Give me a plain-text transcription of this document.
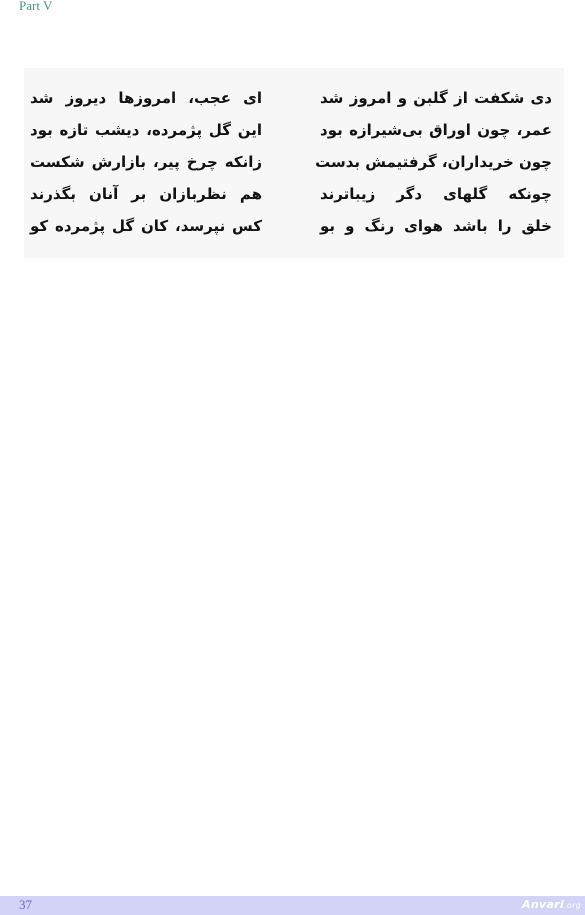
Part V
دی شکفت از گلبن و امروز شد
عمر، چون اوراق بی‌شیرازه بود
چون خریداران، گرفتیمش بدست
چونکه گلهای دگر زیباترند
خلق را باشد هوای رنگ و بو
ای عجب، امروزها دیروز شد
این گل پژمرده، دیشب تازه بود
زانکه چرخ پیر، بازارش شکست
هم نظربازان بر آنان بگذرند
کس نپرسد، کان گل پژمرده کو
37	Anvari.org
